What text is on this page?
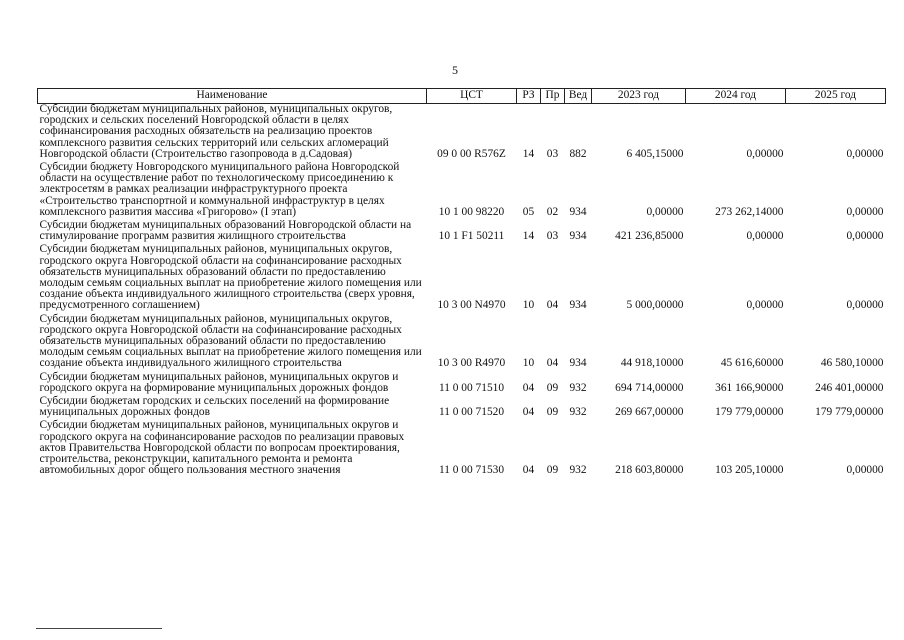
5
Наименование	ЦСТ	РЗ	Пр	Вед	2023 год	2024 год	2025 год
Субсидии бюджетам муниципальных районов, муниципальных округов, городских и сельских поселений Новгородской области в целях софинансирования расходных обязательств на реализацию проектов комплексного развития сельских территорий или сельских агломераций Новгородской области (Строительство газопровода в д.Садовая)	09 0 00 R576Z	14	03	882	6 405,15000	0,00000	0,00000
Субсидии бюджету Новгородского муниципального района Новгородской области на осуществление работ по технологическому присоединению к электросетям в рамках реализации инфраструктурного проекта «Строительство транспортной и коммунальной инфраструктур в целях комплексного развития массива «Григорово» (I этап)	10 1 00 98220	05	02	934	0,00000	273 262,14000	0,00000
Субсидии бюджетам муниципальных образований Новгородской области на стимулирование программ развития жилищного строительства	10 1 F1 50211	14	03	934	421 236,85000	0,00000	0,00000
Субсидии бюджетам муниципальных районов, муниципальных округов, городского округа Новгородской области на софинансирование расходных обязательств муниципальных образований области по предоставлению молодым семьям социальных выплат на приобретение жилого помещения или создание объекта индивидуального жилищного строительства (сверх уровня, предусмотренного соглашением)	10 3 00 N4970	10	04	934	5 000,00000	0,00000	0,00000
Субсидии бюджетам муниципальных районов, муниципальных округов, городского округа Новгородской области на софинансирование расходных обязательств муниципальных образований области по предоставлению молодым семьям социальных выплат на приобретение жилого помещения или создание объекта индивидуального жилищного строительства	10 3 00 R4970	10	04	934	44 918,10000	45 616,60000	46 580,10000
Субсидии бюджетам муниципальных районов, муниципальных округов и городского округа на формирование муниципальных дорожных фондов	11 0 00 71510	04	09	932	694 714,00000	361 166,90000	246 401,00000
Субсидии бюджетам городских и сельских поселений на формирование муниципальных дорожных фондов	11 0 00 71520	04	09	932	269 667,00000	179 779,00000	179 779,00000
Субсидии бюджетам муниципальных районов, муниципальных округов и городского округа на софинансирование расходов по реализации правовых актов Правительства Новгородской области по вопросам проектирования, строительства, реконструкции, капитального ремонта и ремонта автомобильных дорог общего пользования местного значения	11 0 00 71530	04	09	932	218 603,80000	103 205,10000	0,00000
